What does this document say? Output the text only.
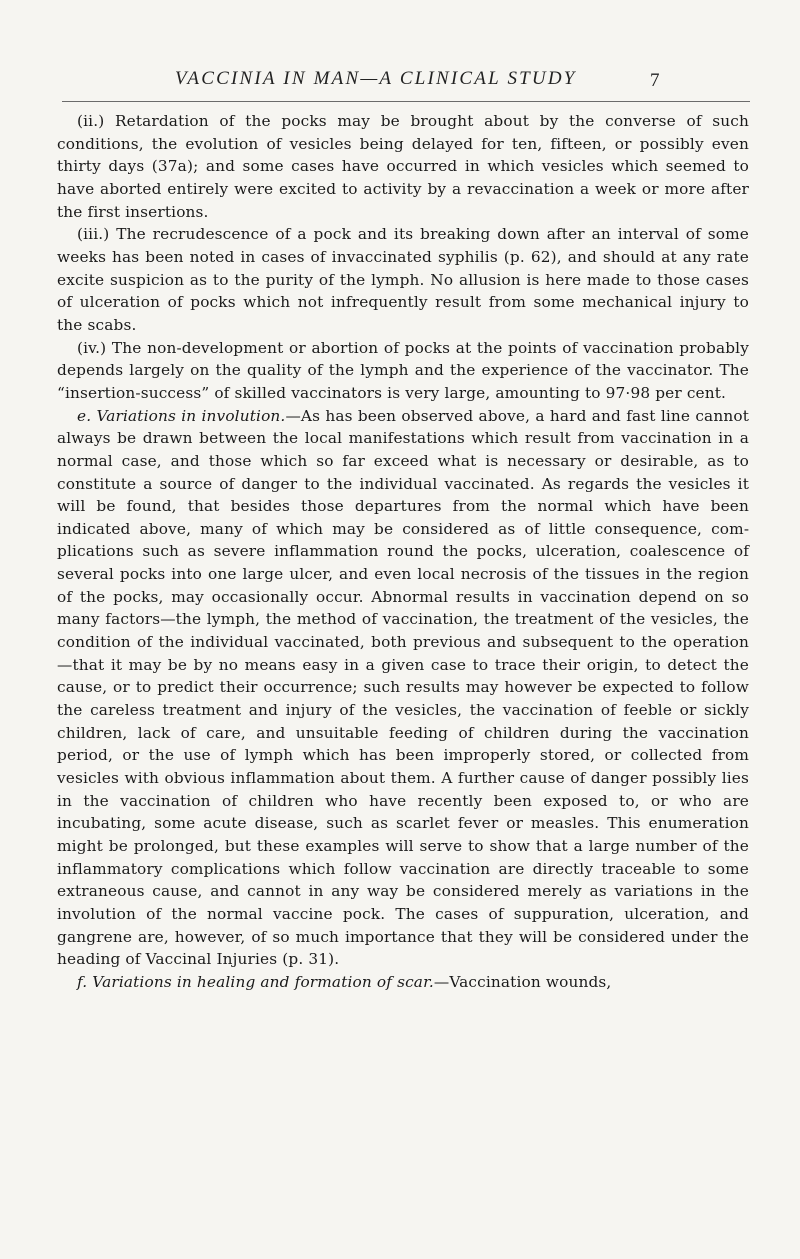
VACCINIA IN MAN—A CLINICAL STUDY	7

(ii.) Retardation of the pocks may be brought about by the converse of such conditions, the evolution of vesicles being delayed for ten, fifteen, or possibly even thirty days (37a); and some cases have occurred in which vesicles which seemed to have aborted entirely were excited to activity by a revaccination a week or more after the first insertions.

(iii.) The recrudescence of a pock and its breaking down after an interval of some weeks has been noted in cases of invaccinated syphilis (p. 62), and should at any rate excite suspicion as to the purity of the lymph. No allusion is here made to those cases of ulceration of pocks which not infrequently result from some mechanical injury to the scabs.

(iv.) The non-development or abortion of pocks at the points of vaccination probably depends largely on the quality of the lymph and the experience of the vaccinator. The “insertion-success” of skilled vaccinators is very large, amounting to 97·98 per cent.

e. Variations in involution.—As has been observed above, a hard and fast line cannot always be drawn between the local manifestations which result from vaccination in a normal case, and those which so far exceed what is necessary or desirable, as to constitute a source of danger to the individual vaccinated. As regards the vesicles it will be found, that besides those departures from the normal which have been indicated above, many of which may be considered as of little consequence, complications such as severe inflammation round the pocks, ulceration, coalescence of several pocks into one large ulcer, and even local necrosis of the tissues in the region of the pocks, may occasionally occur. Abnormal results in vaccination depend on so many factors—the lymph, the method of vaccination, the treatment of the vesicles, the condition of the individual vaccinated, both previous and subsequent to the operation—that it may be by no means easy in a given case to trace their origin, to detect the cause, or to predict their occurrence; such results may however be expected to follow the careless treatment and injury of the vesicles, the vaccination of feeble or sickly children, lack of care, and unsuitable feeding of children during the vaccination period, or the use of lymph which has been improperly stored, or collected from vesicles with obvious inflammation about them. A further cause of danger possibly lies in the vaccination of children who have recently been exposed to, or who are incubating, some acute disease, such as scarlet fever or measles. This enumeration might be prolonged, but these examples will serve to show that a large number of the inflammatory complications which follow vaccination are directly traceable to some extraneous cause, and cannot in any way be considered merely as variations in the involution of the normal vaccine pock. The cases of suppuration, ulceration, and gangrene are, however, of so much importance that they will be considered under the heading of Vaccinal Injuries (p. 31).

f. Variations in healing and formation of scar.—Vaccination wounds,
